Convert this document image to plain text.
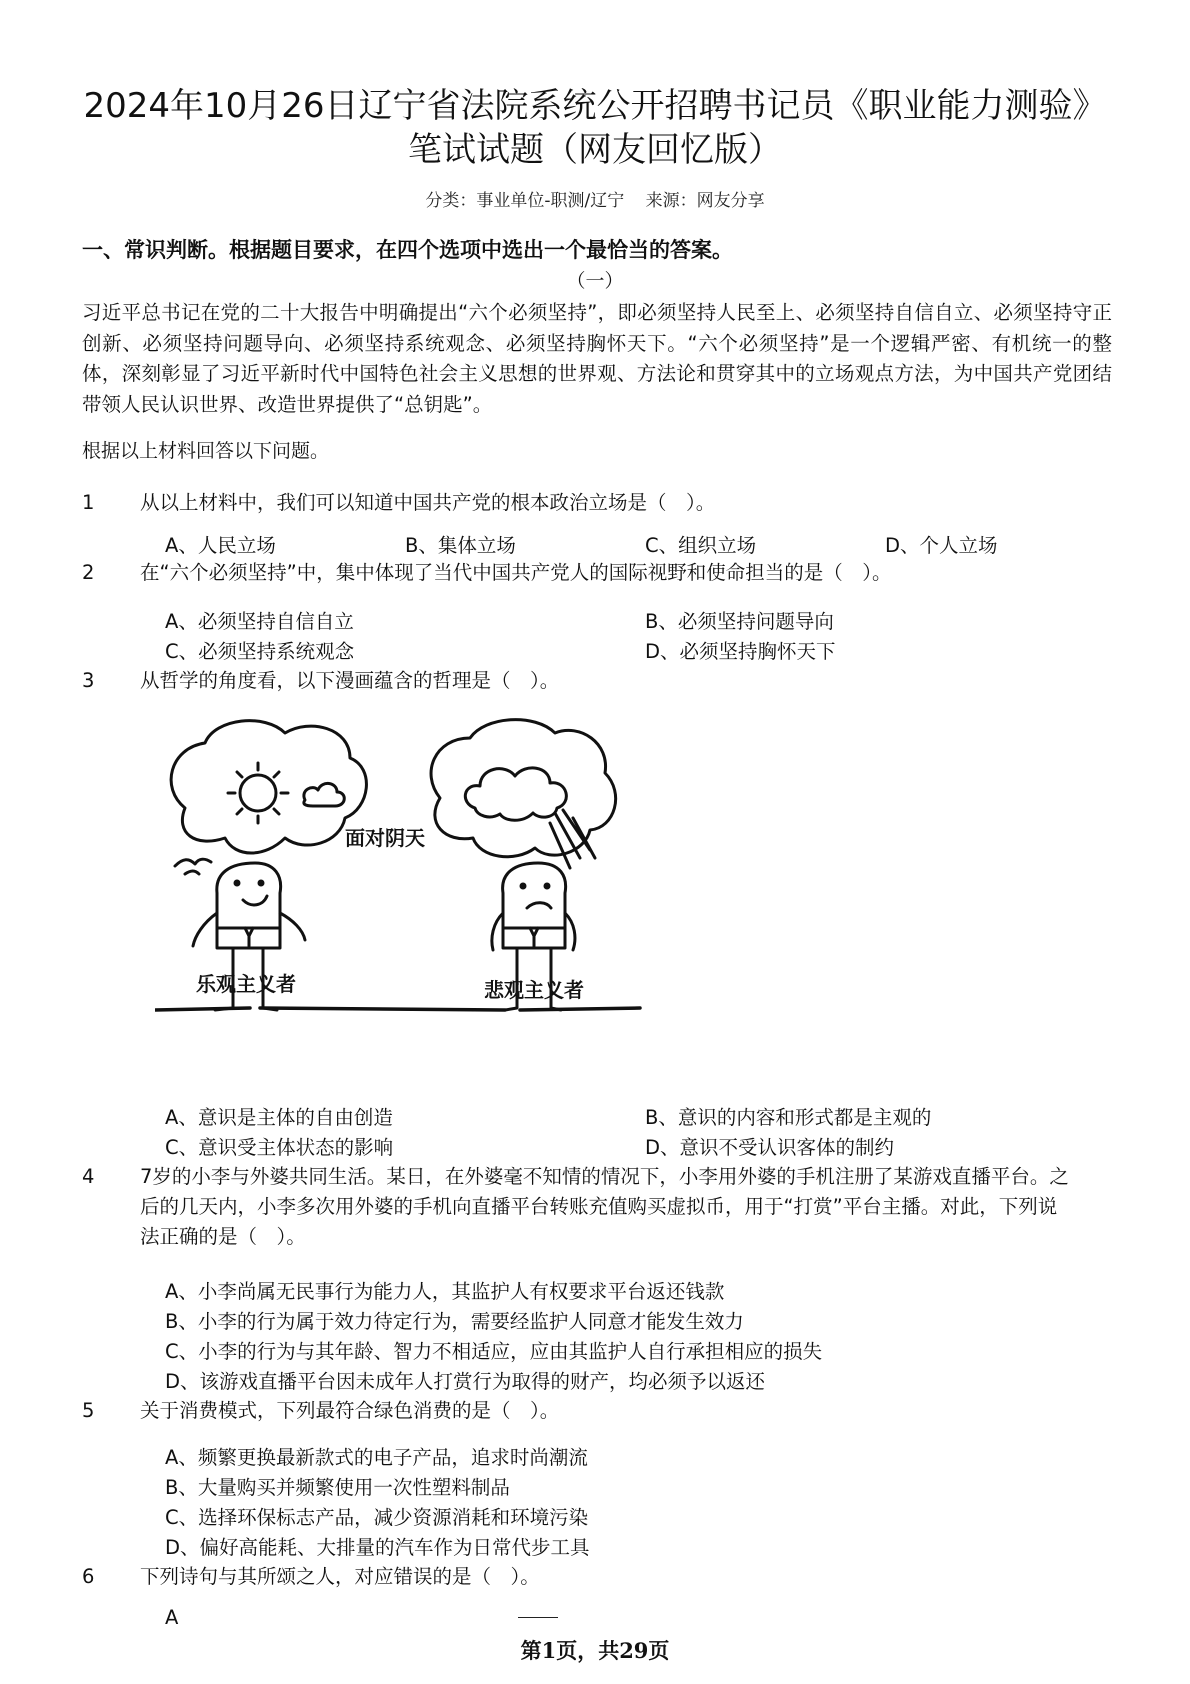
2024年10月26日辽宁省法院系统公开招聘书记员《职业能力测验》笔试试题（网友回忆版）
分类：事业单位-职测/辽宁 来源：网友分享
一、常识判断。根据题目要求，在四个选项中选出一个最恰当的答案。
（一）
习近平总书记在党的二十大报告中明确提出“六个必须坚持”，即必须坚持人民至上、必须坚持自信自立、必须坚持守正创新、必须坚持问题导向、必须坚持系统观念、必须坚持胸怀天下。“六个必须坚持”是一个逻辑严密、有机统一的整体，深刻彰显了习近平新时代中国特色社会主义思想的世界观、方法论和贯穿其中的立场观点方法，为中国共产党团结带领人民认识世界、改造世界提供了“总钥匙”。
根据以上材料回答以下问题。
1	从以上材料中，我们可以知道中国共产党的根本政治立场是（　）。
A、人民立场	B、集体立场	C、组织立场	D、个人立场
2	在“六个必须坚持”中，集中体现了当代中国共产党人的国际视野和使命担当的是（　）。
A、必须坚持自信自立	B、必须坚持问题导向
C、必须坚持系统观念	D、必须坚持胸怀天下
3	从哲学的角度看，以下漫画蕴含的哲理是（　）。
面对阴天
乐观主义者	悲观主义者
A、意识是主体的自由创造	B、意识的内容和形式都是主观的
C、意识受主体状态的影响	D、意识不受认识客体的制约
4	7岁的小李与外婆共同生活。某日，在外婆毫不知情的情况下，小李用外婆的手机注册了某游戏直播平台。之后的几天内，小李多次用外婆的手机向直播平台转账充值购买虚拟币，用于“打赏”平台主播。对此，下列说法正确的是（　）。
A、小李尚属无民事行为能力人，其监护人有权要求平台返还钱款
B、小李的行为属于效力待定行为，需要经监护人同意才能发生效力
C、小李的行为与其年龄、智力不相适应，应由其监护人自行承担相应的损失
D、该游戏直播平台因未成年人打赏行为取得的财产，均必须予以返还
5	关于消费模式，下列最符合绿色消费的是（　）。
A、频繁更换最新款式的电子产品，追求时尚潮流
B、大量购买并频繁使用一次性塑料制品
C、选择环保标志产品，减少资源消耗和环境污染
D、偏好高能耗、大排量的汽车作为日常代步工具
6	下列诗句与其所颂之人，对应错误的是（　）。
A
第1页，共29页
